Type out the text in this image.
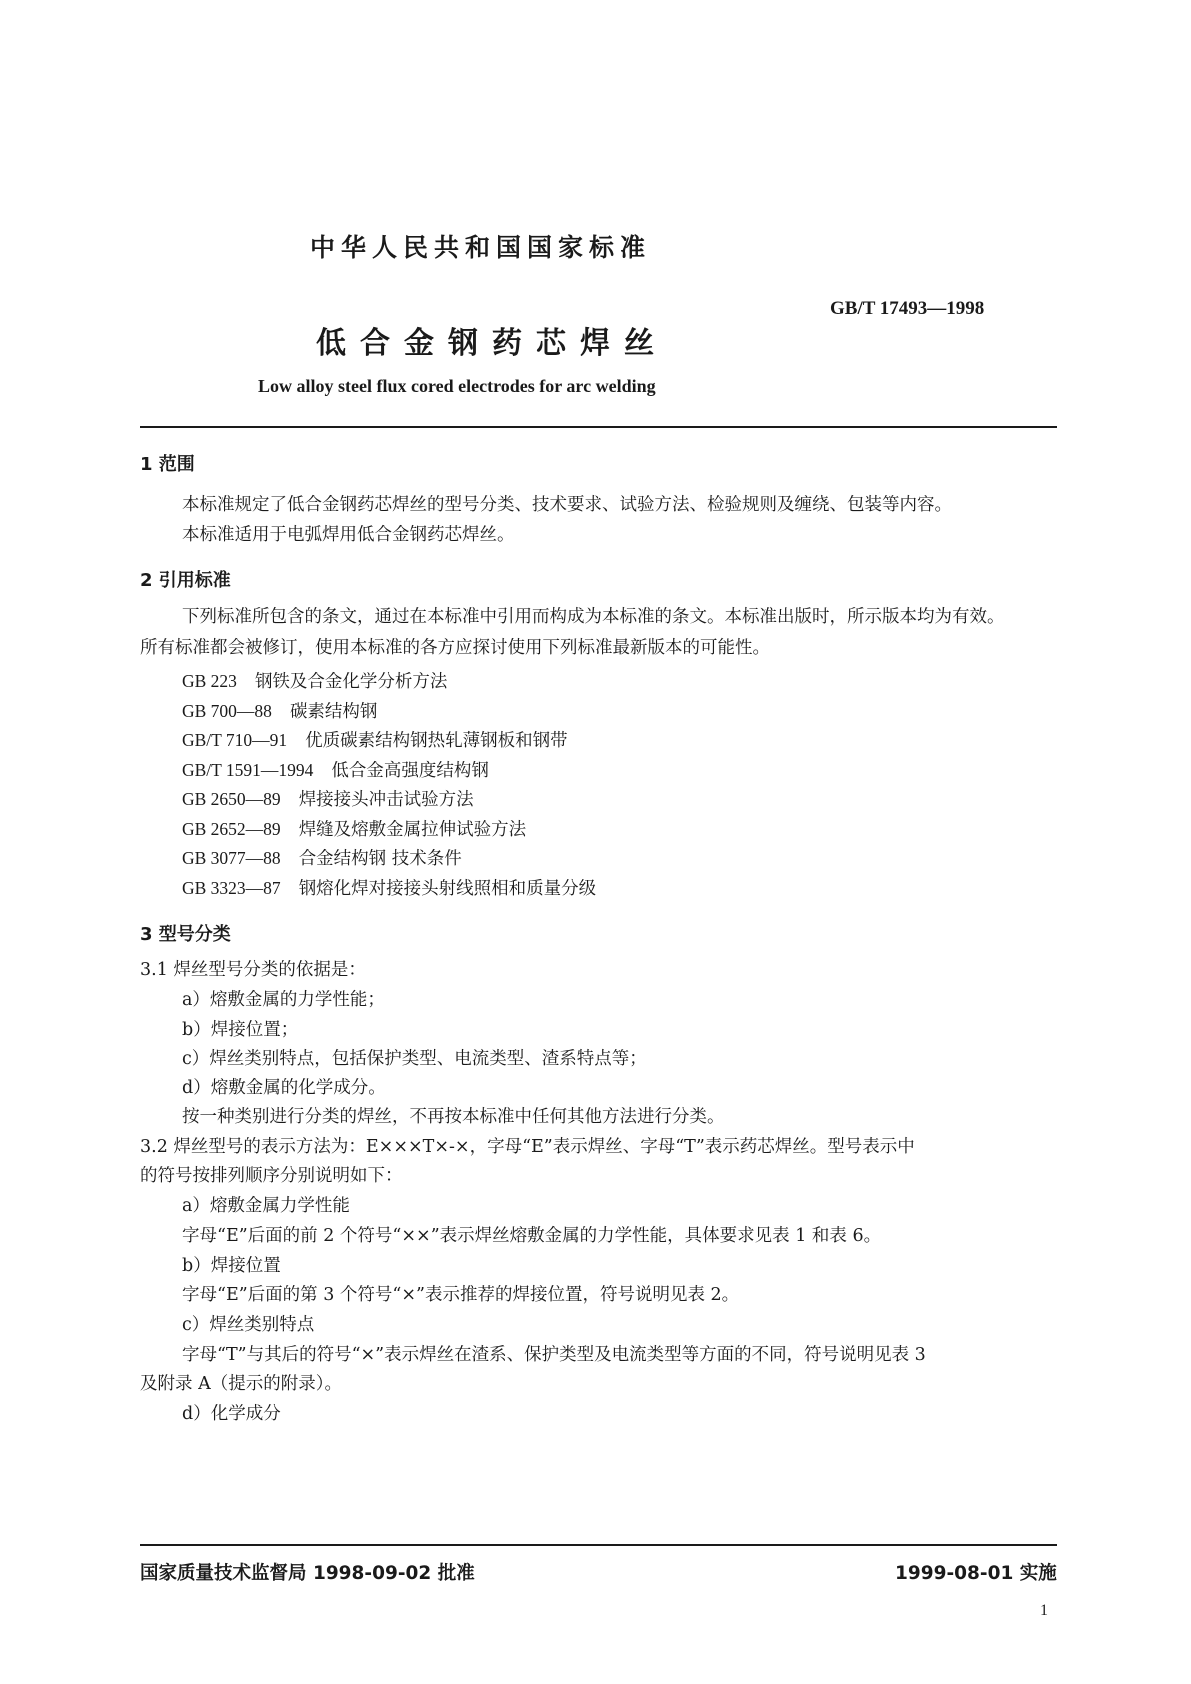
中华人民共和国国家标准
GB/T 17493—1998
低合金钢药芯焊丝
Low alloy steel flux cored electrodes for arc welding
1 范围
本标准规定了低合金钢药芯焊丝的型号分类、技术要求、试验方法、检验规则及缠绕、包装等内容。
本标准适用于电弧焊用低合金钢药芯焊丝。
2 引用标准
下列标准所包含的条文，通过在本标准中引用而构成为本标准的条文。本标准出版时，所示版本均为有效。所有标准都会被修订，使用本标准的各方应探讨使用下列标准最新版本的可能性。
GB 223 钢铁及合金化学分析方法
GB 700—88 碳素结构钢
GB/T 710—91 优质碳素结构钢热轧薄钢板和钢带
GB/T 1591—1994 低合金高强度结构钢
GB 2650—89 焊接接头冲击试验方法
GB 2652—89 焊缝及熔敷金属拉伸试验方法
GB 3077—88 合金结构钢 技术条件
GB 3323—87 钢熔化焊对接接头射线照相和质量分级
3 型号分类
3.1 焊丝型号分类的依据是：
a）熔敷金属的力学性能；
b）焊接位置；
c）焊丝类别特点，包括保护类型、电流类型、渣系特点等；
d）熔敷金属的化学成分。
按一种类别进行分类的焊丝，不再按本标准中任何其他方法进行分类。
3.2 焊丝型号的表示方法为：E×××T×-×，字母“E”表示焊丝、字母“T”表示药芯焊丝。型号表示中
的符号按排列顺序分别说明如下：
a）熔敷金属力学性能
字母“E”后面的前 2 个符号“××”表示焊丝熔敷金属的力学性能，具体要求见表 1 和表 6。
b）焊接位置
字母“E”后面的第 3 个符号“×”表示推荐的焊接位置，符号说明见表 2。
c）焊丝类别特点
字母“T”与其后的符号“×”表示焊丝在渣系、保护类型及电流类型等方面的不同，符号说明见表 3
及附录 A（提示的附录）。
d）化学成分
国家质量技术监督局 1998-09-02 批准	1999-08-01 实施
1
